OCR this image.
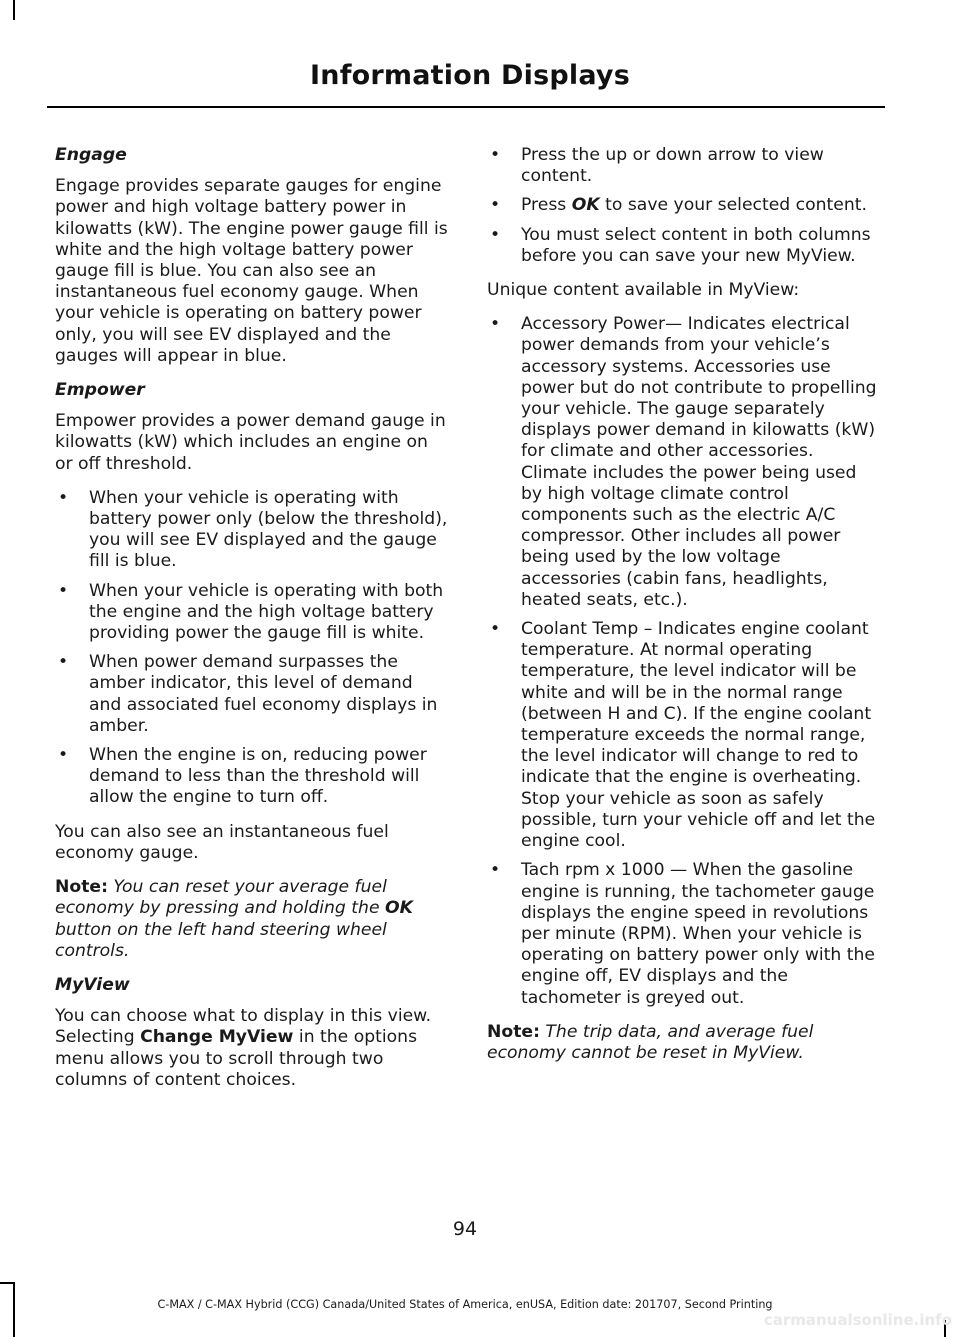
Information Displays

Engage

Engage provides separate gauges for engine power and high voltage battery power in kilowatts (kW). The engine power gauge fill is white and the high voltage battery power gauge fill is blue. You can also see an instantaneous fuel economy gauge. When your vehicle is operating on battery power only, you will see EV displayed and the gauges will appear in blue.

Empower

Empower provides a power demand gauge in kilowatts (kW) which includes an engine on or off threshold.

• When your vehicle is operating with battery power only (below the threshold), you will see EV displayed and the gauge fill is blue.
• When your vehicle is operating with both the engine and the high voltage battery providing power the gauge fill is white.
• When power demand surpasses the amber indicator, this level of demand and associated fuel economy displays in amber.
• When the engine is on, reducing power demand to less than the threshold will allow the engine to turn off.

You can also see an instantaneous fuel economy gauge.

Note: You can reset your average fuel economy by pressing and holding the OK button on the left hand steering wheel controls.

MyView

You can choose what to display in this view. Selecting Change MyView in the options menu allows you to scroll through two columns of content choices.

• Press the up or down arrow to view content.
• Press OK to save your selected content.
• You must select content in both columns before you can save your new MyView.

Unique content available in MyView:

• Accessory Power— Indicates electrical power demands from your vehicle’s accessory systems. Accessories use power but do not contribute to propelling your vehicle. The gauge separately displays power demand in kilowatts (kW) for climate and other accessories. Climate includes the power being used by high voltage climate control components such as the electric A/C compressor. Other includes all power being used by the low voltage accessories (cabin fans, headlights, heated seats, etc.).
• Coolant Temp – Indicates engine coolant temperature. At normal operating temperature, the level indicator will be white and will be in the normal range (between H and C). If the engine coolant temperature exceeds the normal range, the level indicator will change to red to indicate that the engine is overheating. Stop your vehicle as soon as safely possible, turn your vehicle off and let the engine cool.
• Tach rpm x 1000 — When the gasoline engine is running, the tachometer gauge displays the engine speed in revolutions per minute (RPM). When your vehicle is operating on battery power only with the engine off, EV displays and the tachometer is greyed out.

Note: The trip data, and average fuel economy cannot be reset in MyView.

94

C-MAX / C-MAX Hybrid (CCG) Canada/United States of America, enUSA, Edition date: 201707, Second Printing

carmanualsonline.info
